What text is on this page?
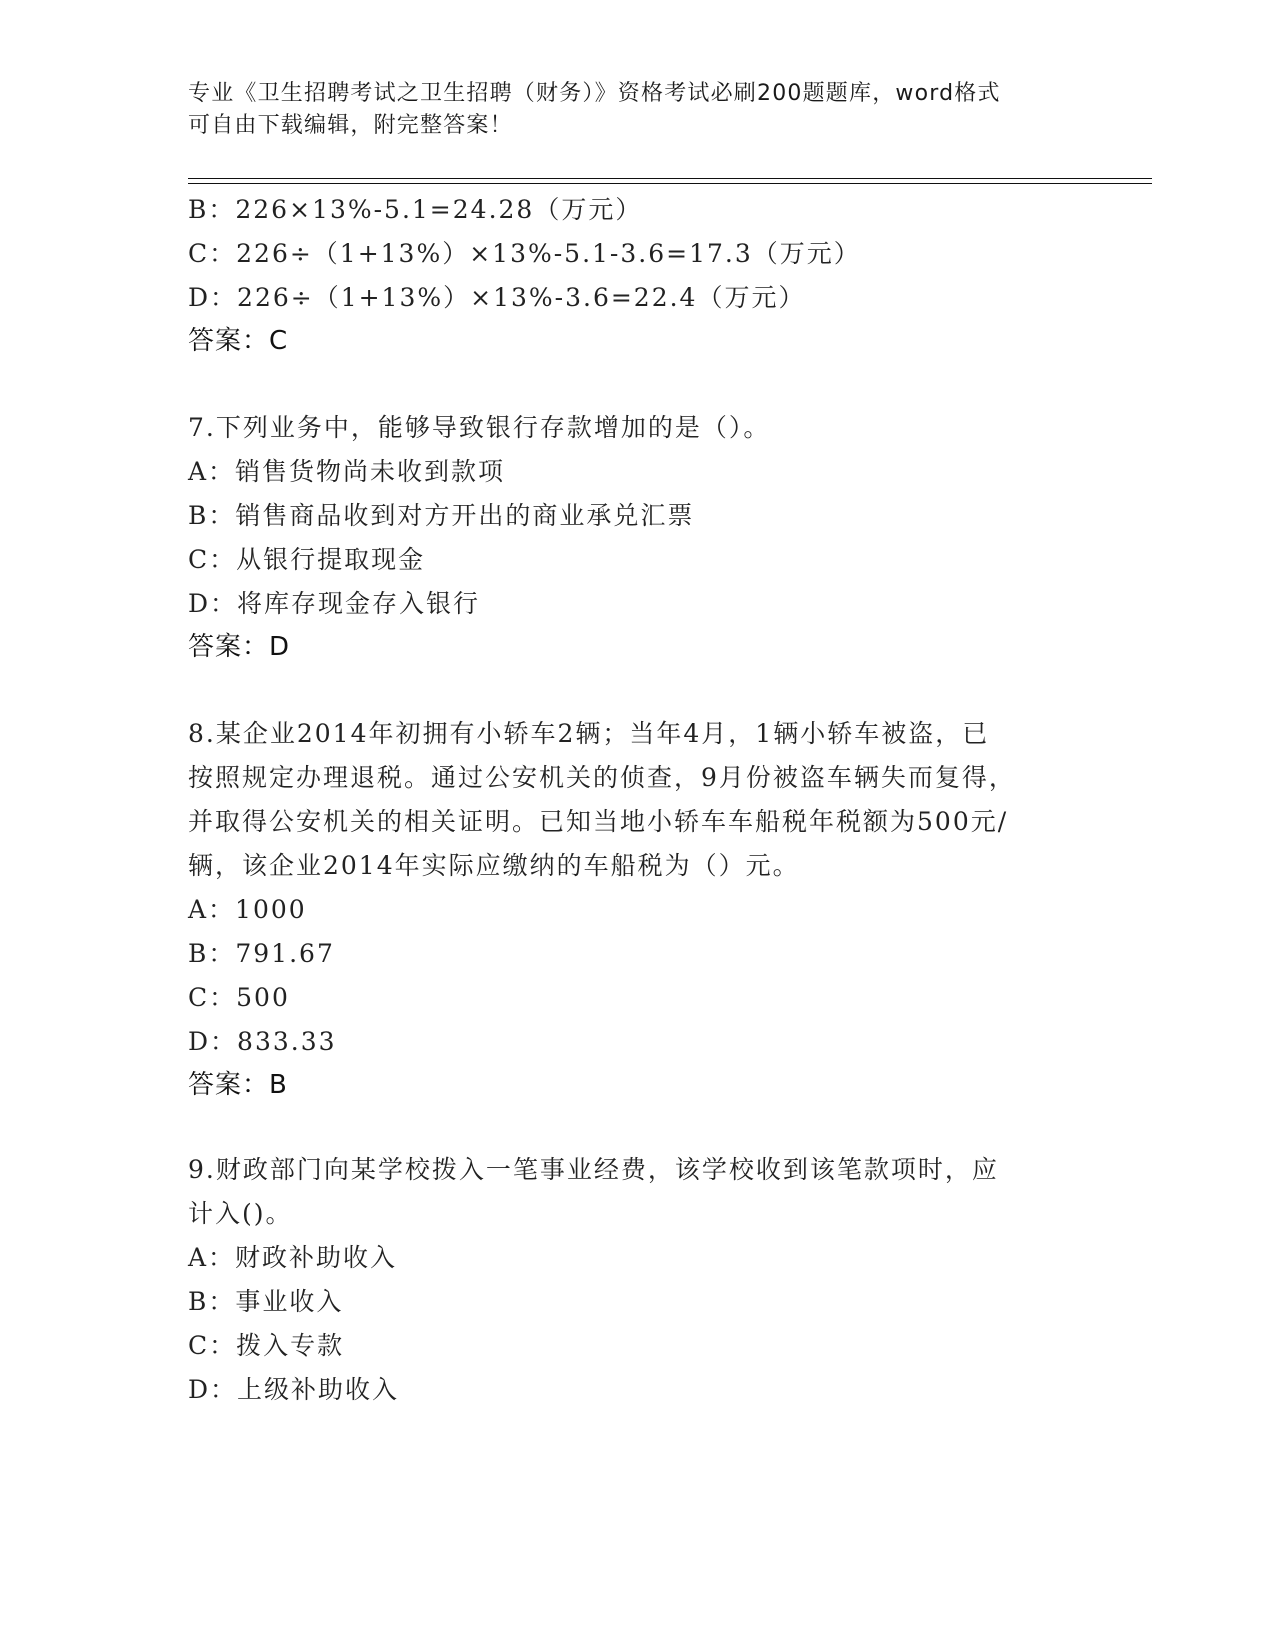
专业《卫生招聘考试之卫生招聘（财务）》资格考试必刷200题题库，word格式
可自由下载编辑，附完整答案！
B：226×13%-5.1=24.28（万元）
C：226÷（1+13%）×13%-5.1-3.6=17.3（万元）
D：226÷（1+13%）×13%-3.6=22.4（万元）
答案：C
7.下列业务中，能够导致银行存款增加的是（）。
A：销售货物尚未收到款项
B：销售商品收到对方开出的商业承兑汇票
C：从银行提取现金
D：将库存现金存入银行
答案：D
8.某企业2014年初拥有小轿车2辆；当年4月，1辆小轿车被盗，已
按照规定办理退税。通过公安机关的侦查，9月份被盗车辆失而复得，
并取得公安机关的相关证明。已知当地小轿车车船税年税额为500元/
辆，该企业2014年实际应缴纳的车船税为（）元。
A：1000
B：791.67
C：500
D：833.33
答案：B
9.财政部门向某学校拨入一笔事业经费，该学校收到该笔款项时，应
计入()。
A：财政补助收入
B：事业收入
C：拨入专款
D：上级补助收入
